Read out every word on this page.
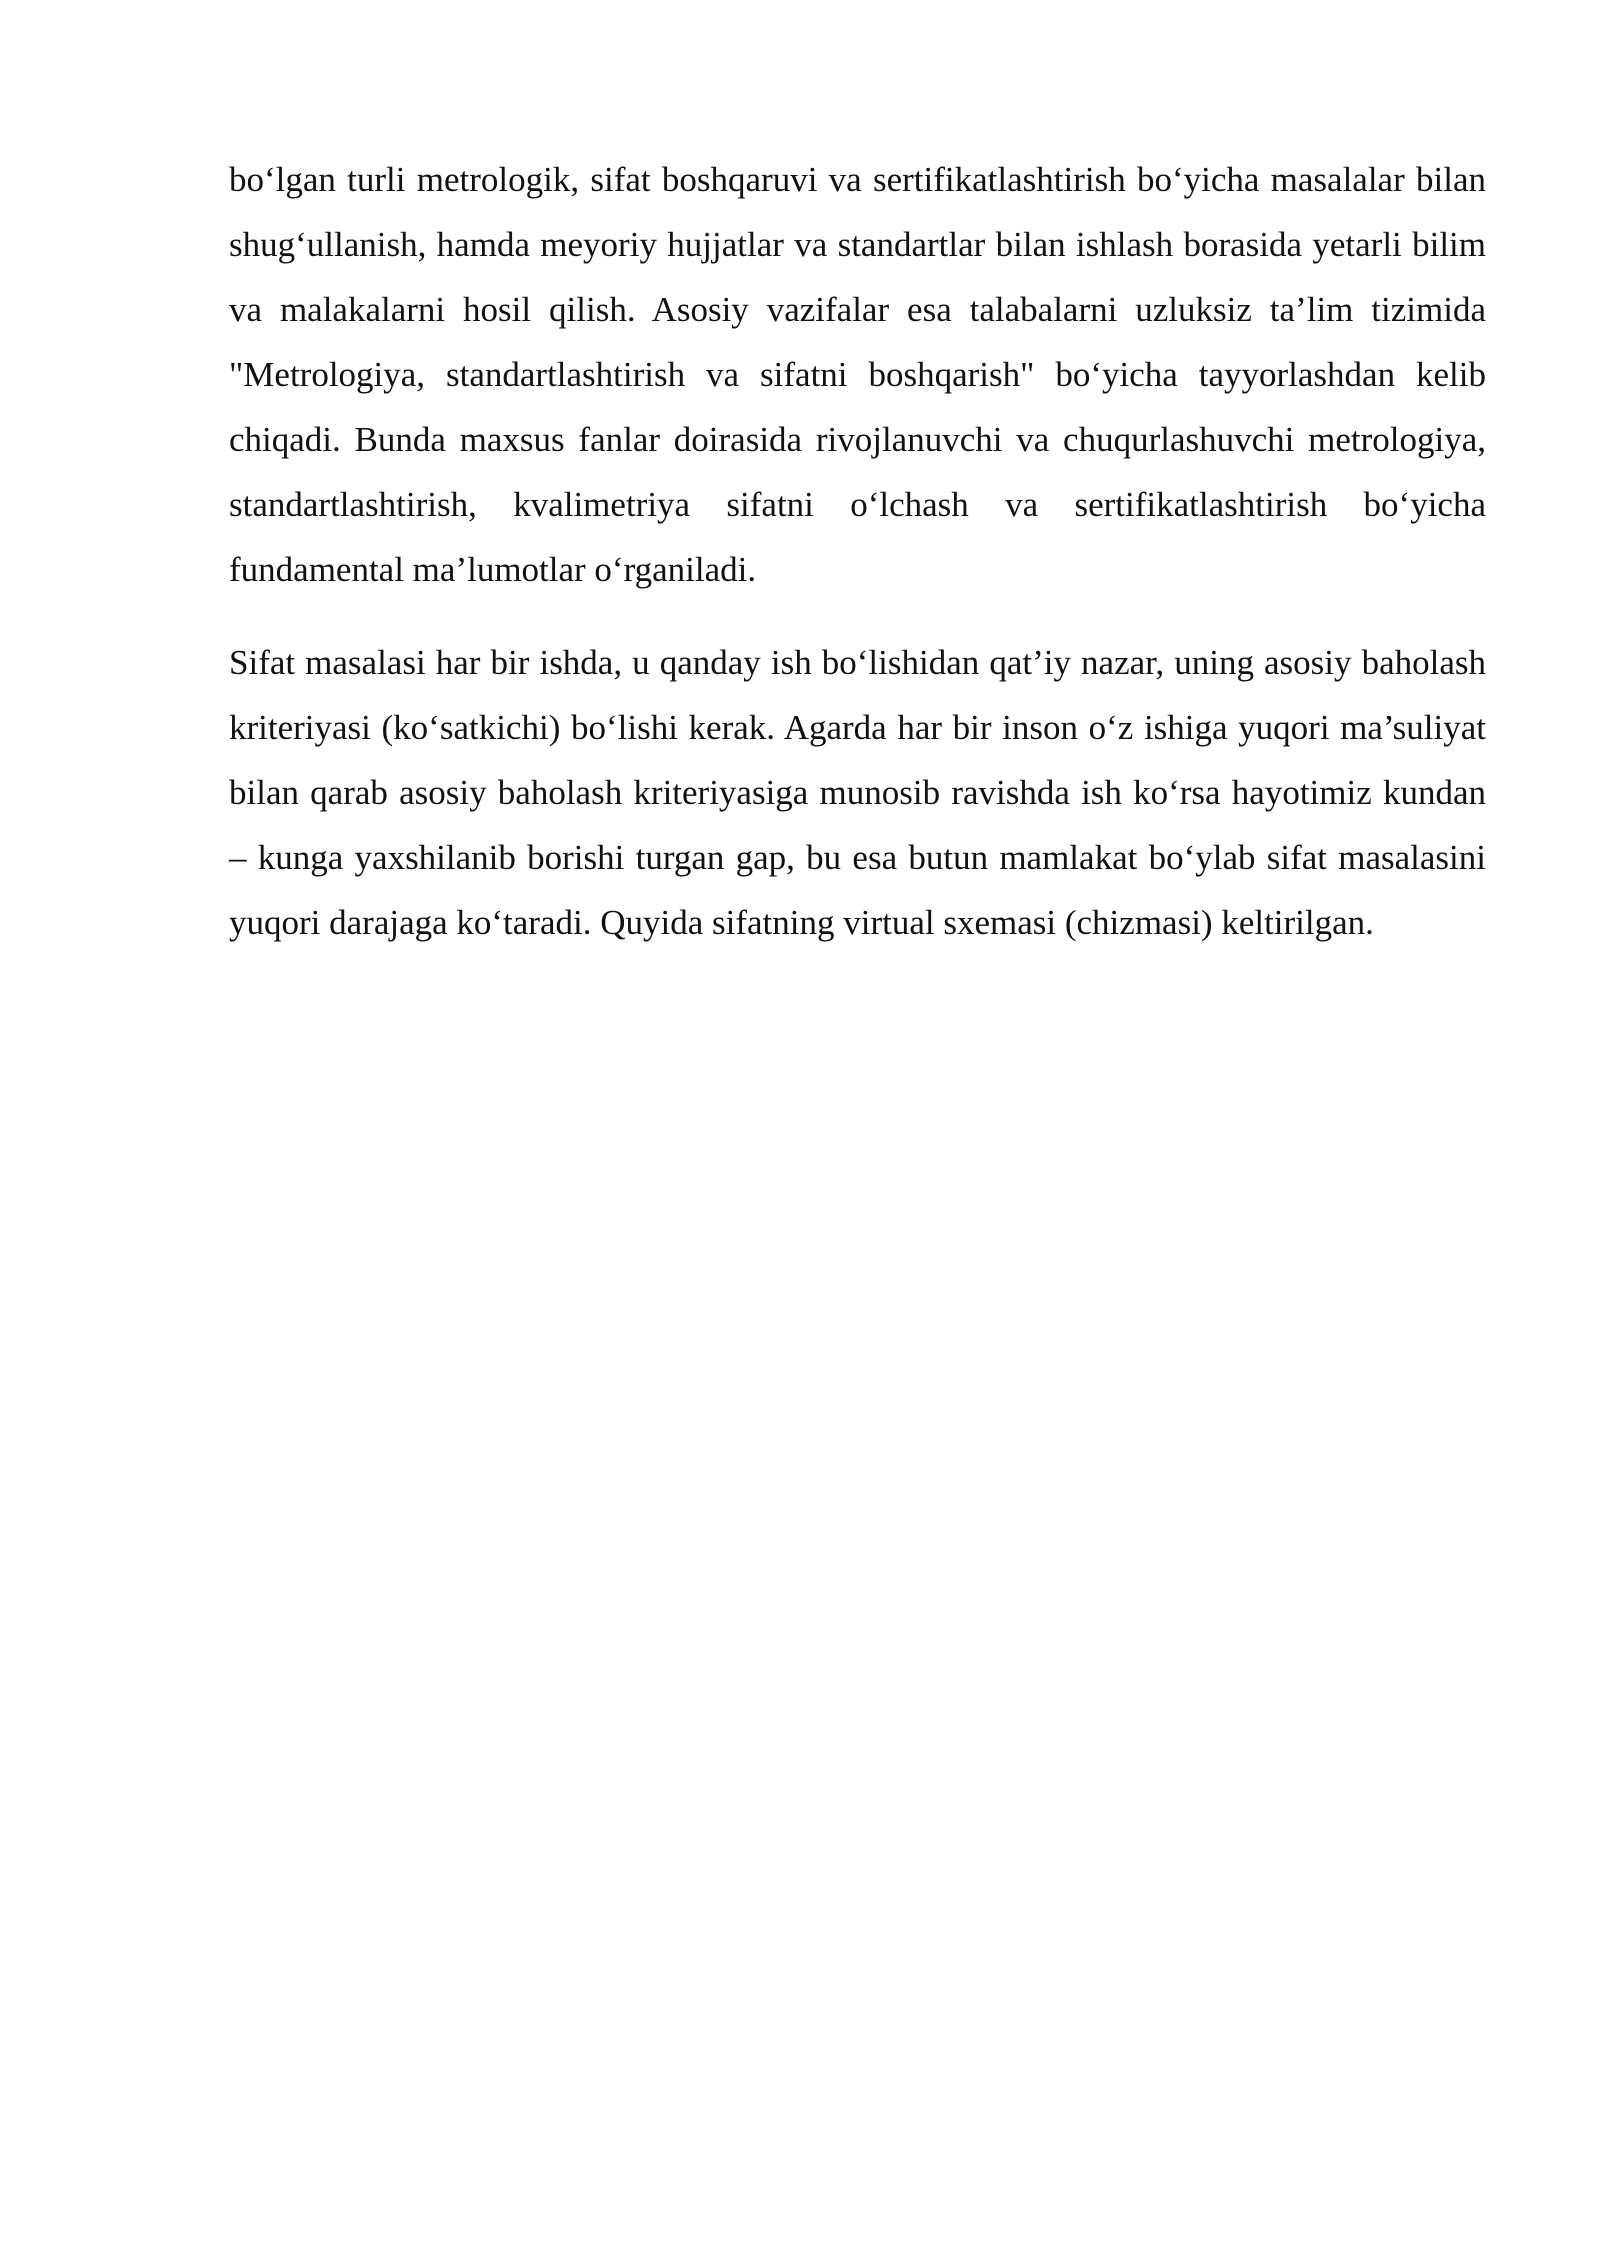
bo‘lgan turli metrologik, sifat boshqaruvi va sertifikatlashtirish bo‘yicha masalalar bilan shug‘ullanish, hamda meyoriy hujjatlar va standartlar bilan ishlash borasida yetarli bilim va malakalarni hosil qilish. Asosiy vazifalar esa talabalarni uzluksiz ta’lim tizimida "Metrologiya, standartlashtirish va sifatni boshqarish" bo‘yicha tayyorlashdan kelib chiqadi. Bunda maxsus fanlar doirasida rivojlanuvchi va chuqurlashuvchi metrologiya, standartlashtirish, kvalimetriya sifatni o‘lchash va sertifikatlashtirish bo‘yicha fundamental ma’lumotlar o‘rganiladi.

Sifat masalasi har bir ishda, u qanday ish bo‘lishidan qat’iy nazar, uning asosiy baholash kriteriyasi (ko‘satkichi) bo‘lishi kerak. Agarda har bir inson o‘z ishiga yuqori ma’suliyat bilan qarab asosiy baholash kriteriyasiga munosib ravishda ish ko‘rsa hayotimiz kundan – kunga yaxshilanib borishi turgan gap, bu esa butun mamlakat bo‘ylab sifat masalasini yuqori darajaga ko‘taradi. Quyida sifatning virtual sxemasi (chizmasi) keltirilgan.
